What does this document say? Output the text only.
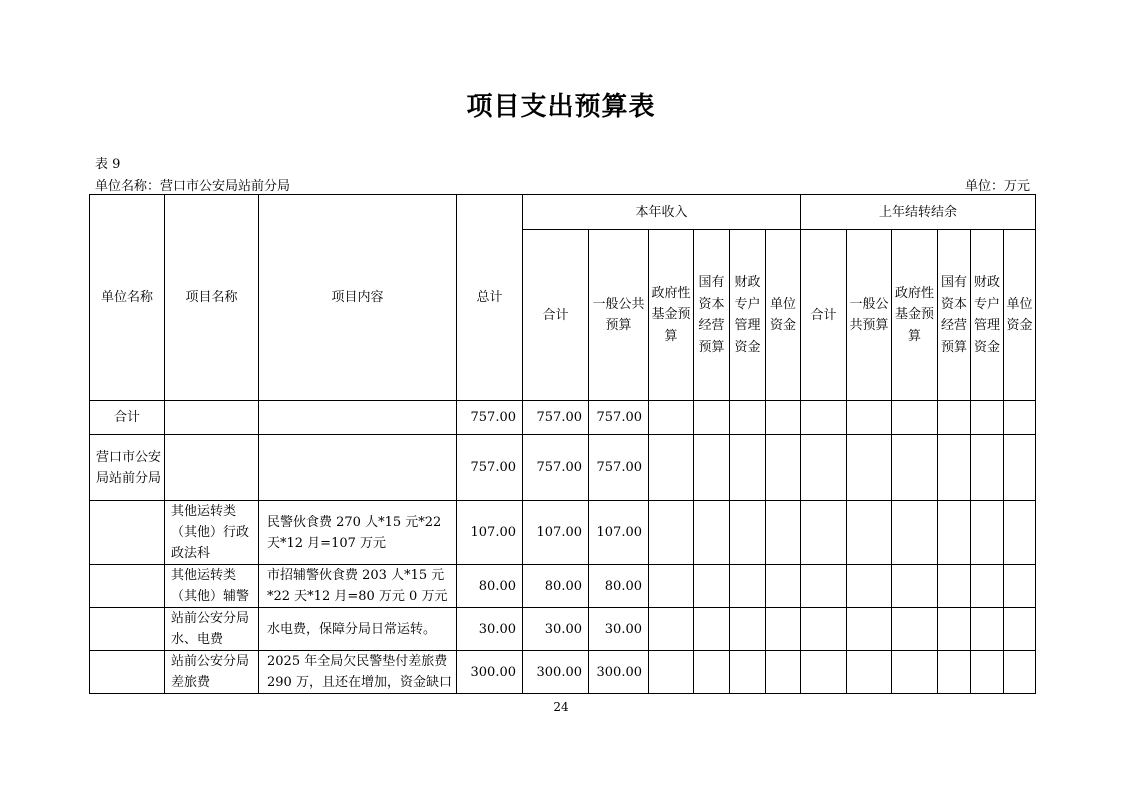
项目支出预算表
表 9
单位名称：营口市公安局站前分局	单位：万元
单位名称	项目名称	项目内容	总计	本年收入						上年结转结余					
				合计	一般公共预算	政府性基金预算	国有资本经营预算	财政专户管理资金	单位资金	合计	一般公共预算	政府性基金预算	国有资本经营预算	财政专户管理资金	单位资金
合计			757.00	757.00	757.00										
营口市公安局站前分局			757.00	757.00	757.00										
	其他运转类（其他）行政政法科	民警伙食费 270 人*15 元*22 天*12 月=107 万元	107.00	107.00	107.00										
	其他运转类（其他）辅警	市招辅警伙食费 203 人*15 元*22 天*12 月=80 万元 0 万元	80.00	80.00	80.00										
	站前公安分局水、电费	水电费，保障分局日常运转。	30.00	30.00	30.00										
	站前公安分局差旅费	2025 年全局欠民警垫付差旅费 290 万，且还在增加，资金缺口	300.00	300.00	300.00										
24
